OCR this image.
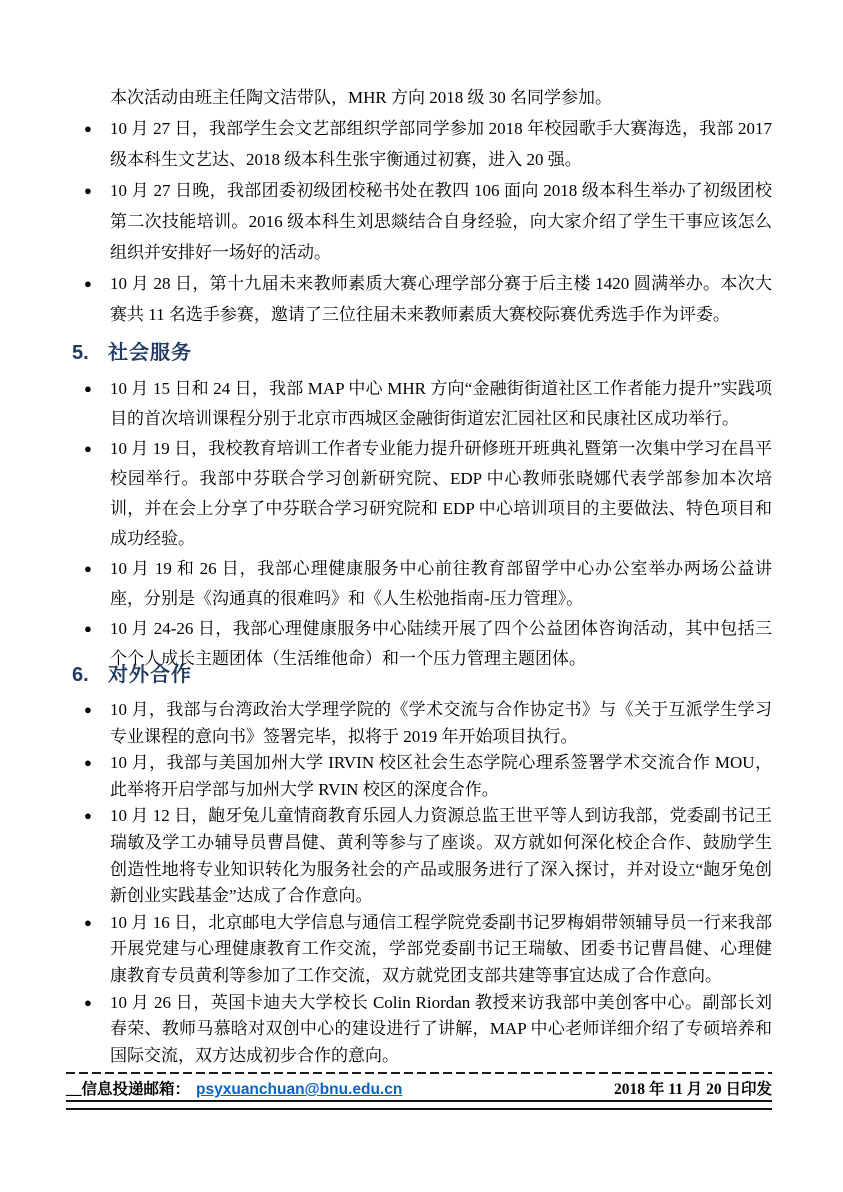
本次活动由班主任陶文洁带队，MHR 方向 2018 级 30 名同学参加。

● 10 月 27 日，我部学生会文艺部组织学部同学参加 2018 年校园歌手大赛海选，我部 2017 级本科生文艺达、2018 级本科生张宇衡通过初赛，进入 20 强。
● 10 月 27 日晚，我部团委初级团校秘书处在教四 106 面向 2018 级本科生举办了初级团校第二次技能培训。2016 级本科生刘思燚结合自身经验，向大家介绍了学生干事应该怎么组织并安排好一场好的活动。
● 10 月 28 日，第十九届未来教师素质大赛心理学部分赛于后主楼 1420 圆满举办。本次大赛共 11 名选手参赛，邀请了三位往届未来教师素质大赛校际赛优秀选手作为评委。
5. 社会服务
● 10 月 15 日和 24 日，我部 MAP 中心 MHR 方向“金融街街道社区工作者能力提升”实践项目的首次培训课程分别于北京市西城区金融街街道宏汇园社区和民康社区成功举行。
● 10 月 19 日，我校教育培训工作者专业能力提升研修班开班典礼暨第一次集中学习在昌平校园举行。我部中芬联合学习创新研究院、EDP 中心教师张晓娜代表学部参加本次培训，并在会上分享了中芬联合学习研究院和 EDP 中心培训项目的主要做法、特色项目和成功经验。
● 10 月 19 和 26 日，我部心理健康服务中心前往教育部留学中心办公室举办两场公益讲座，分别是《沟通真的很难吗》和《人生松弛指南-压力管理》。
● 10 月 24-26 日，我部心理健康服务中心陆续开展了四个公益团体咨询活动，其中包括三个个人成长主题团体（生活维他命）和一个压力管理主题团体。
6. 对外合作
● 10 月，我部与台湾政治大学理学院的《学术交流与合作协定书》与《关于互派学生学习专业课程的意向书》签署完毕，拟将于 2019 年开始项目执行。
● 10 月，我部与美国加州大学 IRVIN 校区社会生态学院心理系签署学术交流合作 MOU，此举将开启学部与加州大学 RVIN 校区的深度合作。
● 10 月 12 日，龅牙兔儿童情商教育乐园人力资源总监王世平等人到访我部，党委副书记王瑞敏及学工办辅导员曹昌健、黄利等参与了座谈。双方就如何深化校企合作、鼓励学生创造性地将专业知识转化为服务社会的产品或服务进行了深入探讨，并对设立“龅牙兔创新创业实践基金”达成了合作意向。
● 10 月 16 日，北京邮电大学信息与通信工程学院党委副书记罗梅娟带领辅导员一行来我部开展党建与心理健康教育工作交流，学部党委副书记王瑞敏、团委书记曹昌健、心理健康教育专员黄利等参加了工作交流，双方就党团支部共建等事宜达成了合作意向。
● 10 月 26 日，英国卡迪夫大学校长 Colin Riordan 教授来访我部中美创客中心。副部长刘春荣、教师马慕晗对双创中心的建设进行了讲解，MAP 中心老师详细介绍了专硕培养和国际交流，双方达成初步合作的意向。
__ 信息投递邮箱： psyxuanchuan@bnu.edu.cn	2018 年 11 月 20 日印发
